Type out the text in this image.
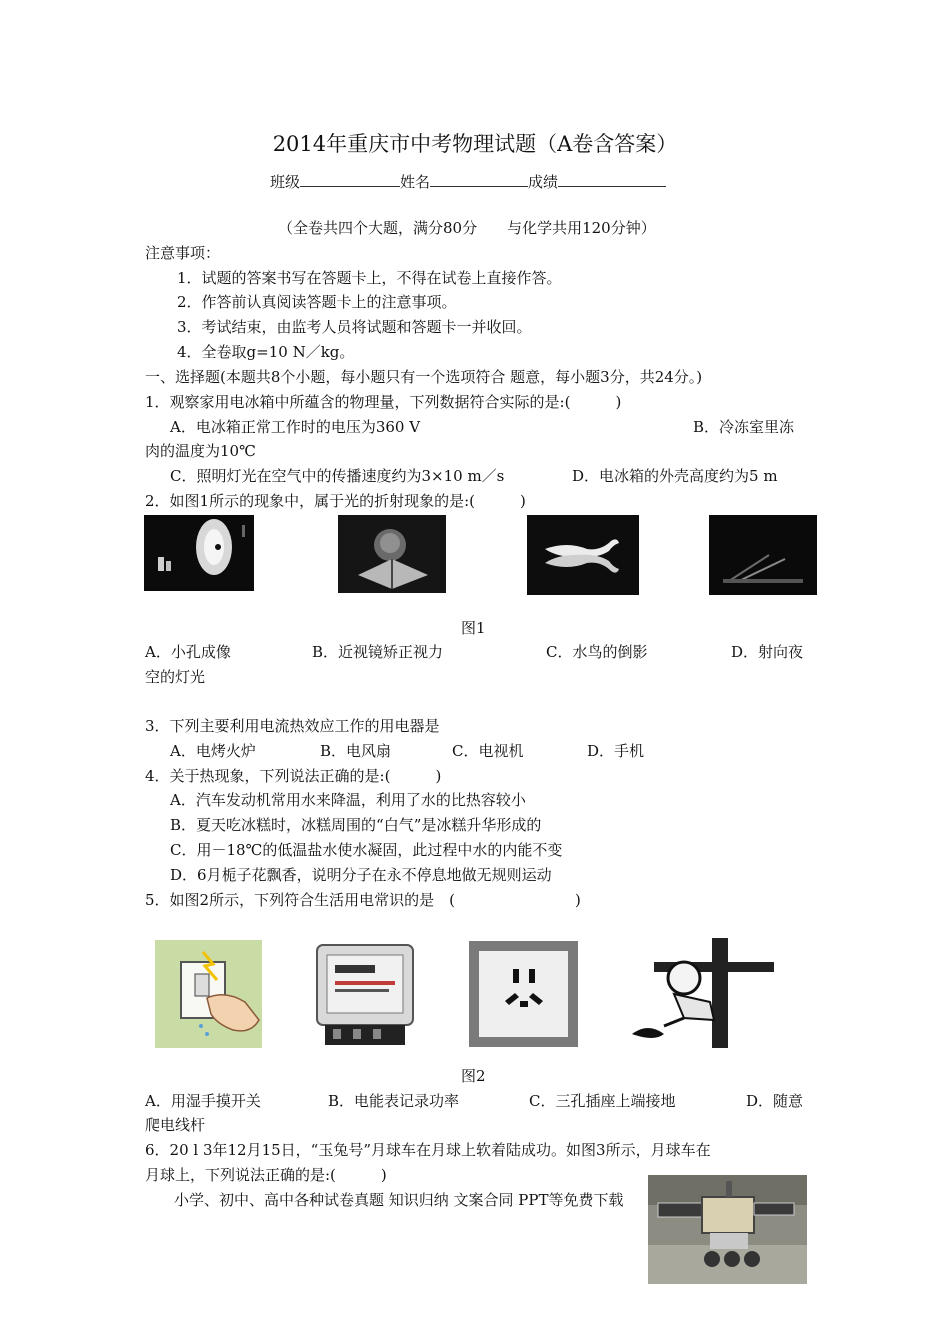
2014年重庆市中考物理试题（A卷含答案）
班级	姓名	成绩
（全卷共四个大题，满分80分　　与化学共用120分钟）
注意事项：
1．试题的答案书写在答题卡上，不得在试卷上直接作答。
2．作答前认真阅读答题卡上的注意事项。
3．考试结束，由监考人员将试题和答题卡一并收回。
4．全卷取g=10 N／kg。
一、选择题(本题共8个小题，每小题只有一个选项符合 题意，每小题3分，共24分。)
1．观察家用电冰箱中所蕴含的物理量，下列数据符合实际的是:(　　　)
A．电冰箱正常工作时的电压为360 V	B．冷冻室里冻
肉的温度为10℃
C．照明灯光在空气中的传播速度约为3×10 m／s	D．电冰箱的外壳高度约为5 m
2．如图1所示的现象中，属于光的折射现象的是:(　　　)
图1
A．小孔成像	B．近视镜矫正视力	C．水鸟的倒影	D．射向夜
空的灯光
3．下列主要利用电流热效应工作的用电器是
A．电烤火炉	B．电风扇	C．电视机	D．手机
4．关于热现象，下列说法正确的是:(　　　)
A．汽车发动机常用水来降温，利用了水的比热容较小
B．夏天吃冰糕时，冰糕周围的“白气”是冰糕升华形成的
C．用－18℃的低温盐水使水凝固，此过程中水的内能不变
D．6月栀子花飘香，说明分子在永不停息地做无规则运动
5．如图2所示，下列符合生活用电常识的是　(　　　　　　　　)
图2
A．用湿手摸开关	B．电能表记录功率	C．三孔插座上端接地	D．随意
爬电线杆
6．20 l 3年12月15日，“玉兔号”月球车在月球上软着陆成功。如图3所示，月球车在
月球上，下列说法正确的是:(　　　)
小学、初中、高中各种试卷真题 知识归纳 文案合同 PPT等免费下载
